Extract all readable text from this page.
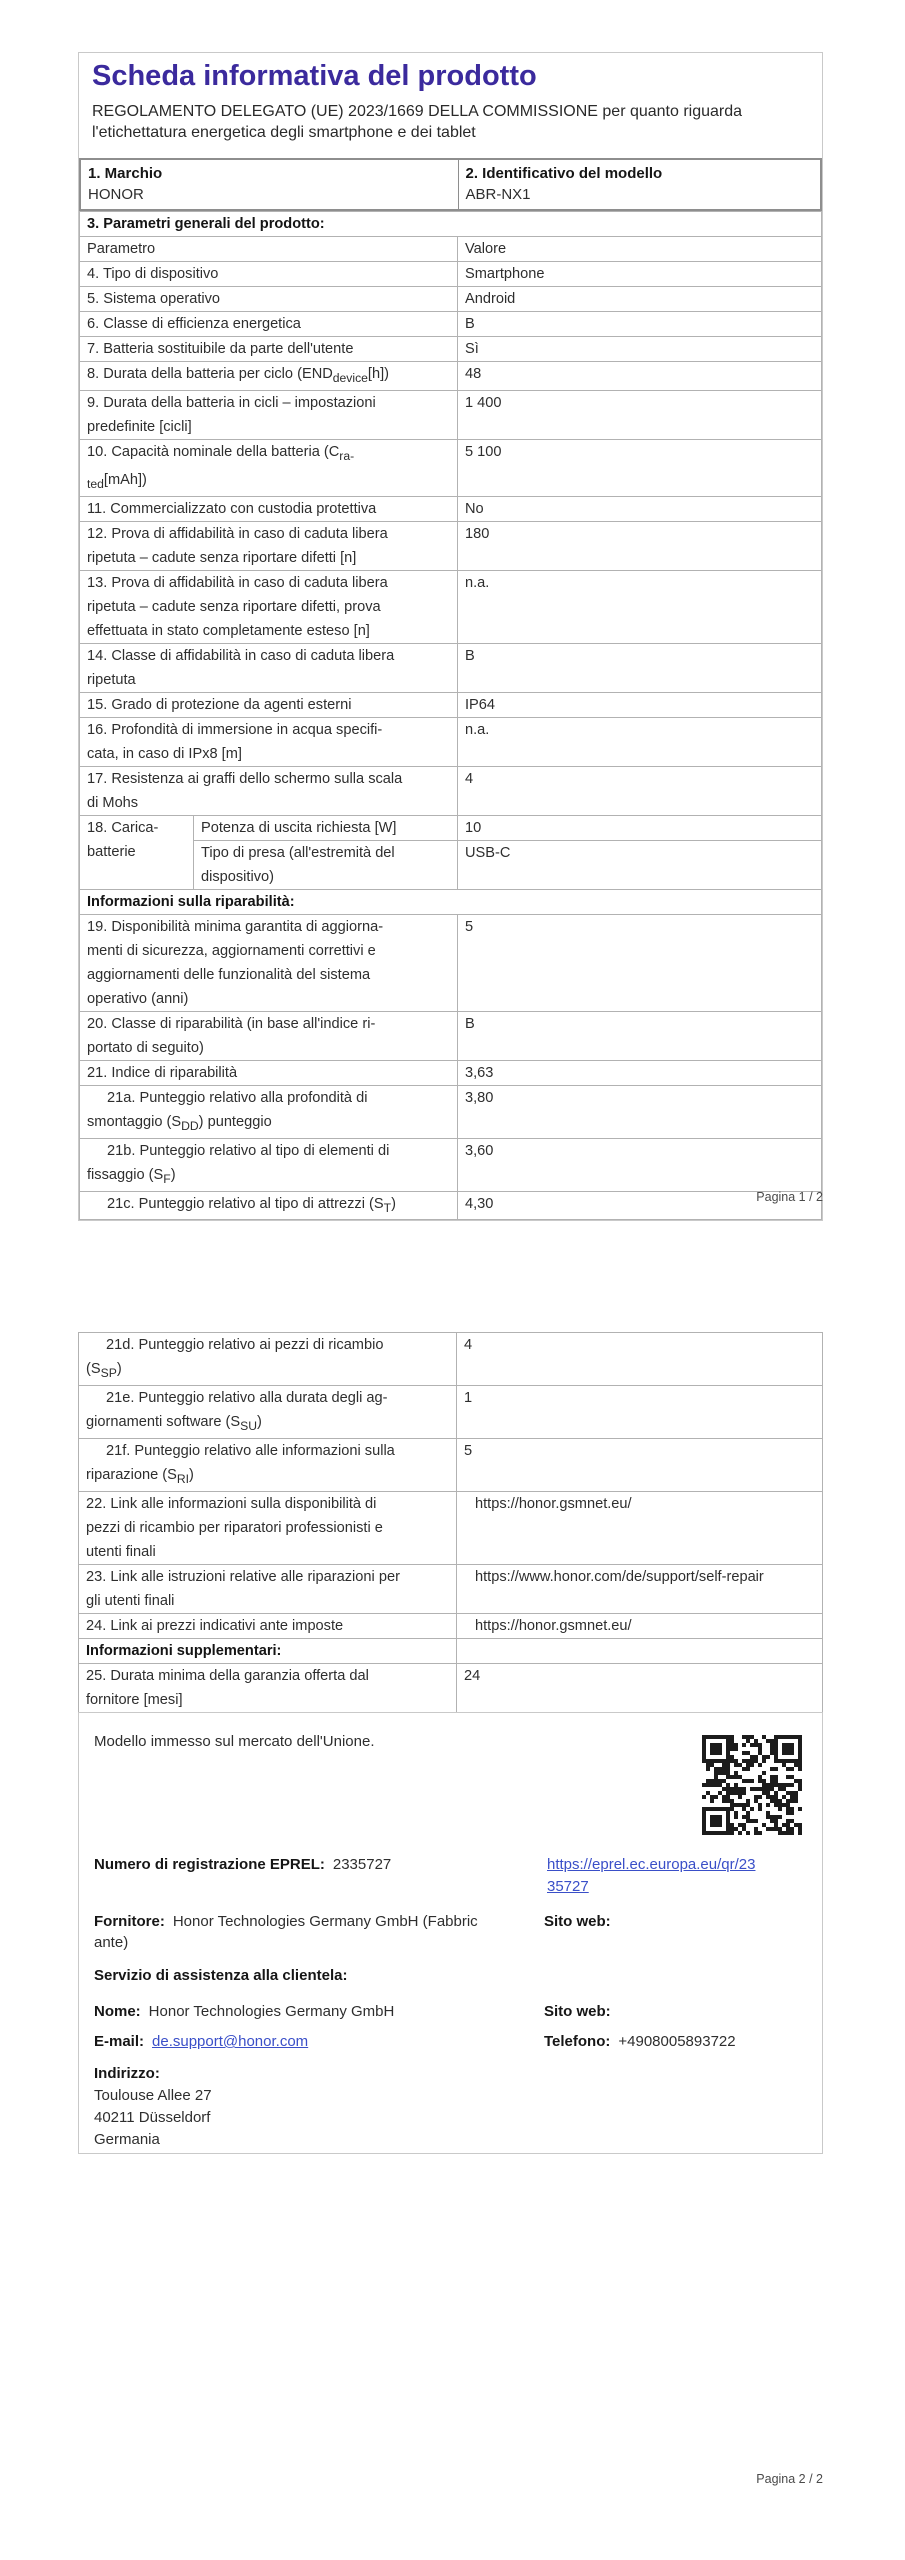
Scheda informativa del prodotto
REGOLAMENTO DELEGATO (UE) 2023/1669 DELLA COMMISSIONE per quanto riguarda
l'etichettatura energetica degli smartphone e dei tablet
1. Marchio
HONOR

2. Identificativo del modello
ABR-NX1
3. Parametri generali del prodotto:		
Parametro		Valore
4. Tipo di dispositivo		Smartphone
5. Sistema operativo		Android
6. Classe di efficienza energetica		B
7. Batteria sostituibile da parte dell'utente		Sì
8. Durata della batteria per ciclo $(END_{device}[h])$		48
9. Durata della batteria in cicli – impostazioni
predefinite [cicli]		1 400
10. Capacità nominale della batteria ($C_{ra-}$
$_{ted}$[mAh])		5 100
11. Commercializzato con custodia protettiva		No
12. Prova di affidabilità in caso di caduta libera
ripetuta – cadute senza riportare difetti [n]		180
13. Prova di affidabilità in caso di caduta libera
ripetuta – cadute senza riportare difetti, prova
effettuata in stato completamente esteso [n]		n.a.
14. Classe di affidabilità in caso di caduta libera
ripetuta		B
15. Grado di protezione da agenti esterni		IP64
16. Profondità di immersione in acqua specifi-
cata, in caso di IPx8 [m]		n.a.
17. Resistenza ai graffi dello schermo sulla scala
di Mohs		4
18. Carica-
batterie	Potenza di uscita richiesta [W]	10
	Tipo di presa (all'estremità del
dispositivo)	USB-C
Informazioni sulla riparabilità:		
19. Disponibilità minima garantita di aggiorna-
menti di sicurezza, aggiornamenti correttivi e
aggiornamenti delle funzionalità del sistema
operativo (anni)		5
20. Classe di riparabilità (in base all'indice ri-
portato di seguito)		B
21. Indice di riparabilità		3,63
21a. Punteggio relativo alla profondità di
smontaggio $(S_{DD})$ punteggio		3,80
21b. Punteggio relativo al tipo di elementi di
fissaggio $(S_F)$		3,60
21c. Punteggio relativo al tipo di attrezzi $(S_T)$		4,30	Pagina 1 / 2
21d. Punteggio relativo ai pezzi di ricambio
$(S_{SP})$	4
21e. Punteggio relativo alla durata degli ag-
giornamenti software $(S_{SU})$	1
21f. Punteggio relativo alle informazioni sulla
riparazione $(S_{RI})$	5
22. Link alle informazioni sulla disponibilità di
pezzi di ricambio per riparatori professionisti e
utenti finali	https://honor.gsmnet.eu/
23. Link alle istruzioni relative alle riparazioni per
gli utenti finali	https://www.honor.com/de/support/self-repair
24. Link ai prezzi indicativi ante imposte	https://honor.gsmnet.eu/
Informazioni supplementari:	
25. Durata minima della garanzia offerta dal
fornitore [mesi]	24
Modello immesso sul mercato dell'Unione.
Numero di registrazione EPREL: 2335727	https://eprel.ec.europa.eu/qr/23
35727
Fornitore: Honor Technologies Germany GmbH (Fabbric
ante)
Sito web:
Servizio di assistenza alla clientela:
Nome: Honor Technologies Germany GmbH	Sito web:
E-mail: de.support@honor.com	Telefono: +4908005893722
Indirizzo:
Toulouse Allee 27
40211 Düsseldorf
Germania
Pagina 2 / 2
